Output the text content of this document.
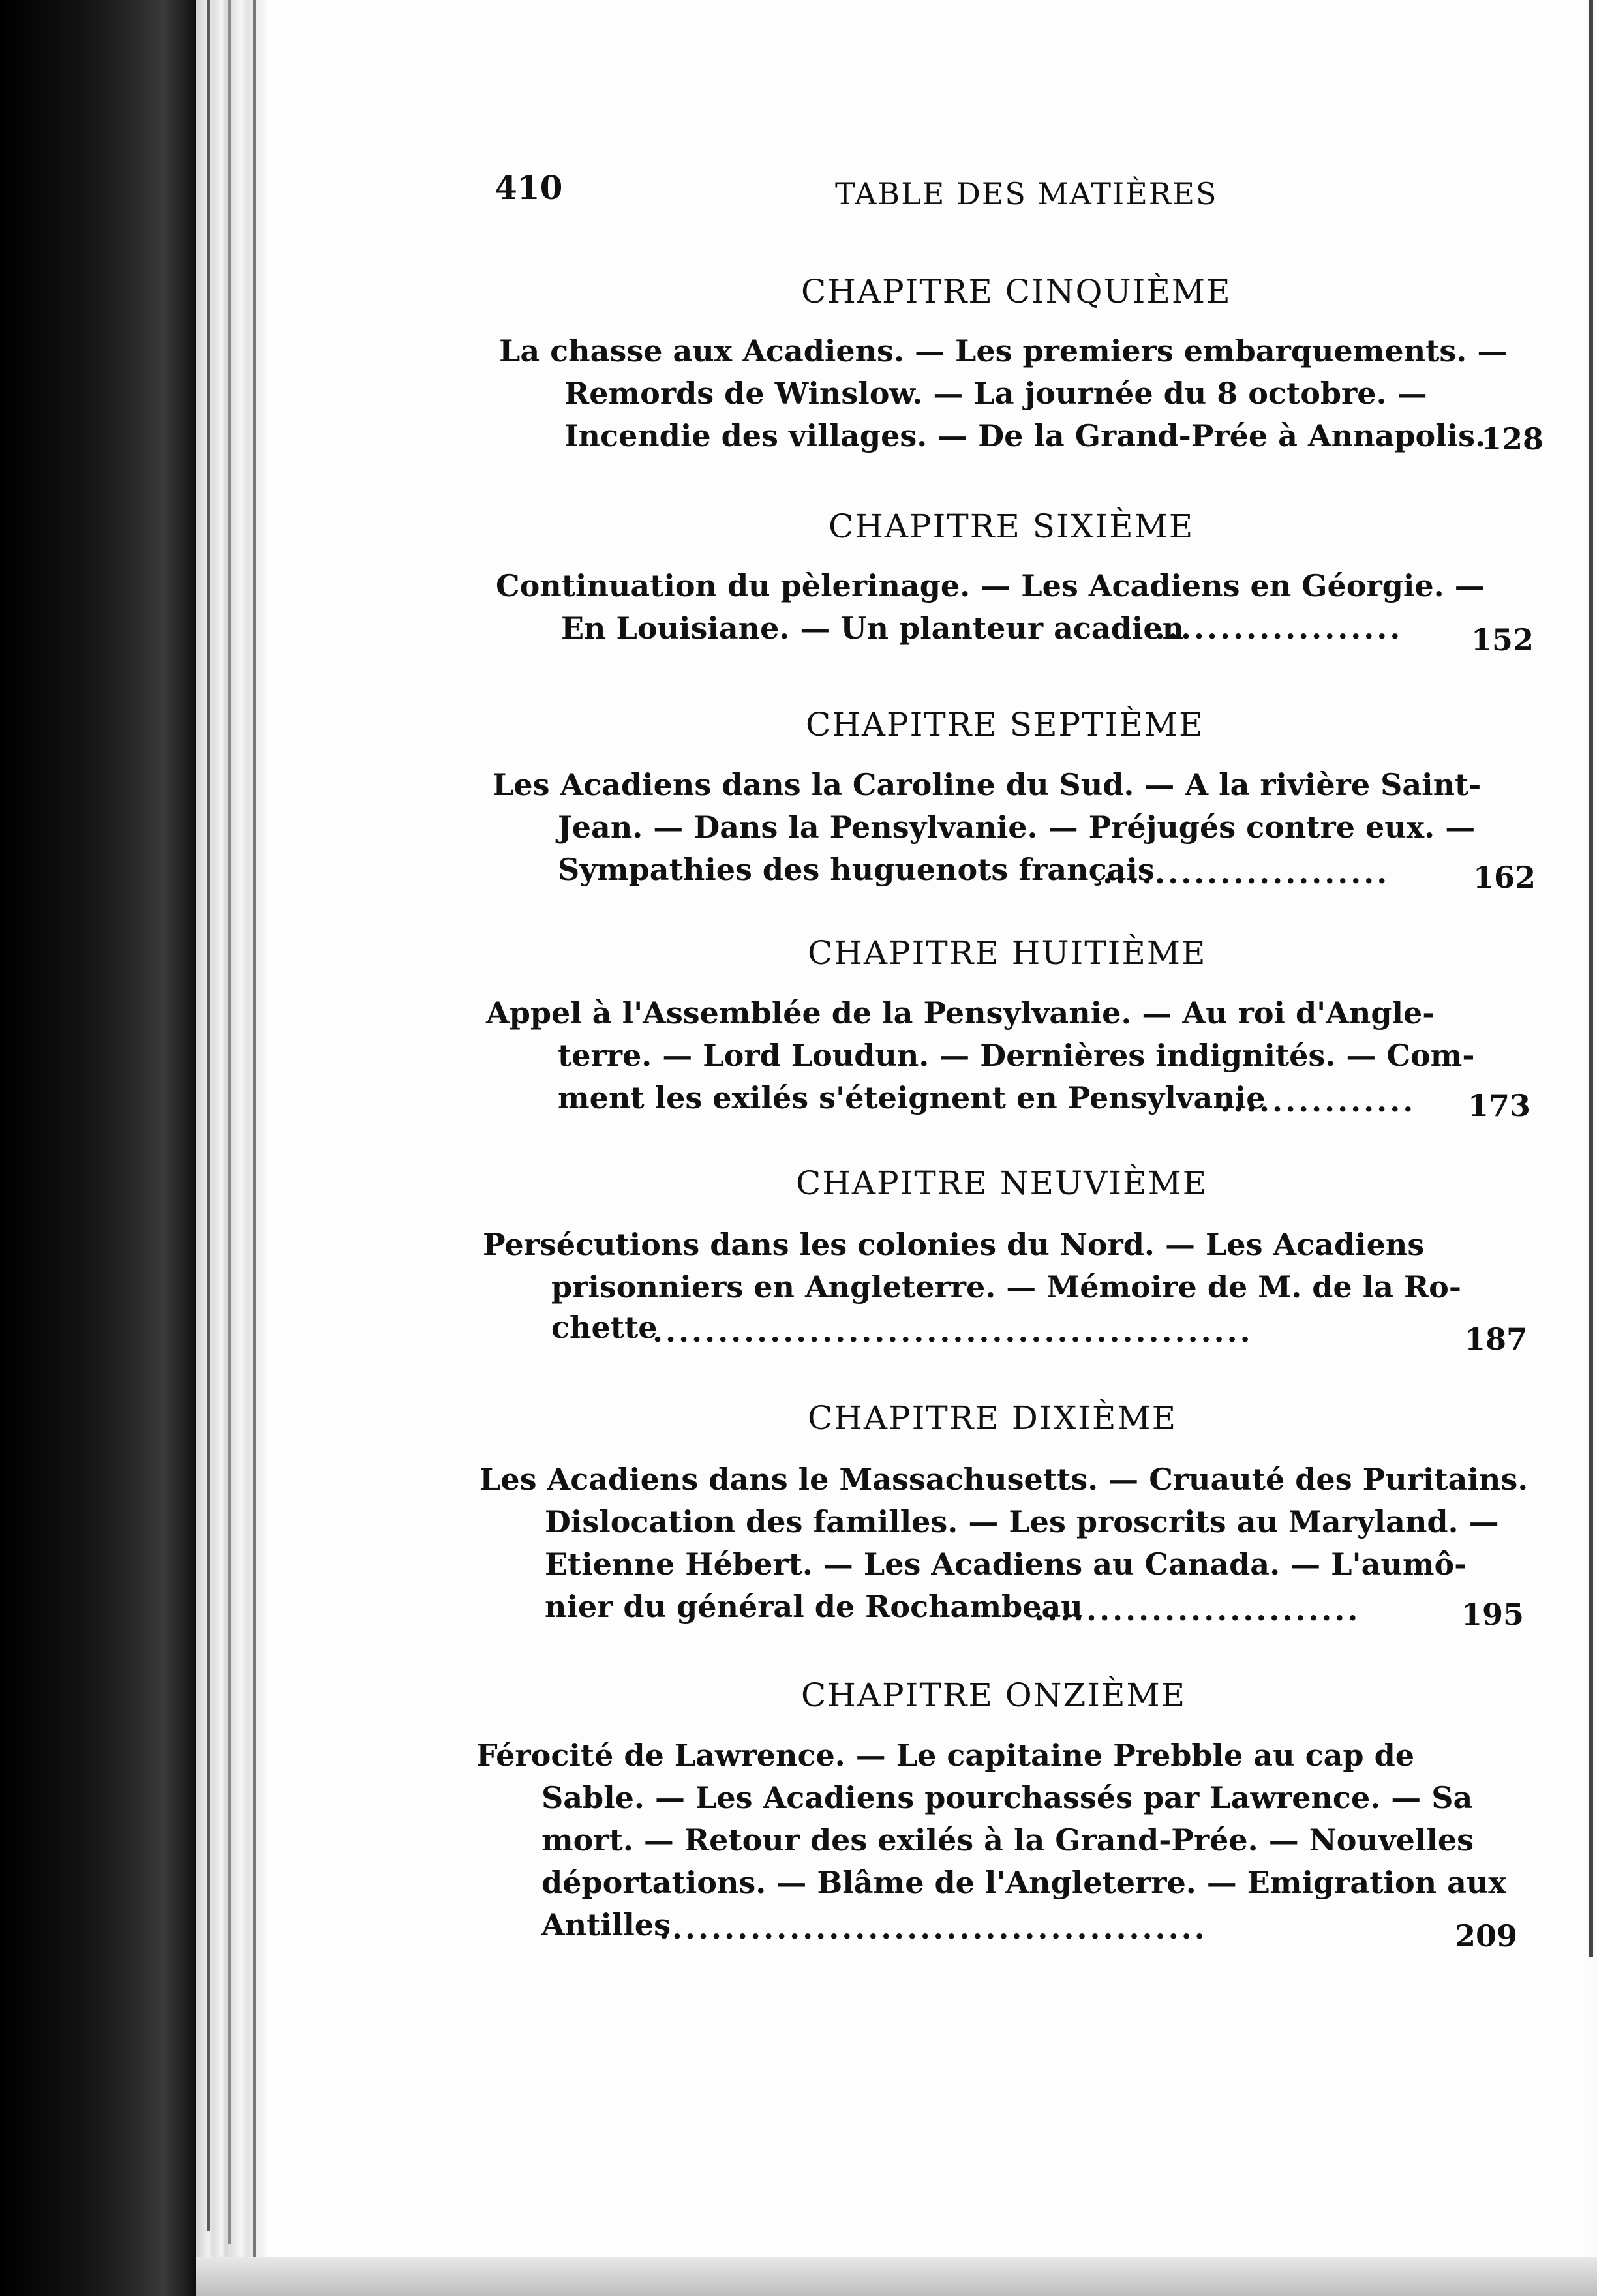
410	TABLE DES MATIÈRES
CHAPITRE CINQUIÈME
La chasse aux Acadiens. — Les premiers embarquements. —
Remords de Winslow. — La journée du 8 octobre. —
Incendie des villages. — De la Grand-Prée à Annapolis.
128
CHAPITRE SIXIÈME
Continuation du pèlerinage. — Les Acadiens en Géorgie. —
En Louisiane. — Un planteur acadien
...................	152
CHAPITRE SEPTIÈME
Les Acadiens dans la Caroline du Sud. — A la rivière Saint-
Jean. — Dans la Pensylvanie. — Préjugés contre eux. —
Sympathies des huguenots français
......................	162
CHAPITRE HUITIÈME
Appel à l'Assemblée de la Pensylvanie. — Au roi d'Angle-
terre. — Lord Loudun. — Dernières indignités. — Com-
ment les exilés s'éteignent en Pensylvanie
...............	173
CHAPITRE NEUVIÈME
Persécutions dans les colonies du Nord. — Les Acadiens
prisonniers en Angleterre. — Mémoire de M. de la Ro-
chette
..............................................	187
CHAPITRE DIXIÈME
Les Acadiens dans le Massachusetts. — Cruauté des Puritains.
Dislocation des familles. — Les proscrits au Maryland. —
Etienne Hébert. — Les Acadiens au Canada. — L'aumô-
nier du général de Rochambeau
.........................	195
CHAPITRE ONZIÈME
Férocité de Lawrence. — Le capitaine Prebble au cap de
Sable. — Les Acadiens pourchassés par Lawrence. — Sa
mort. — Retour des exilés à la Grand-Prée. — Nouvelles
déportations. — Blâme de l'Angleterre. — Emigration aux
Antilles
..........................................	209
